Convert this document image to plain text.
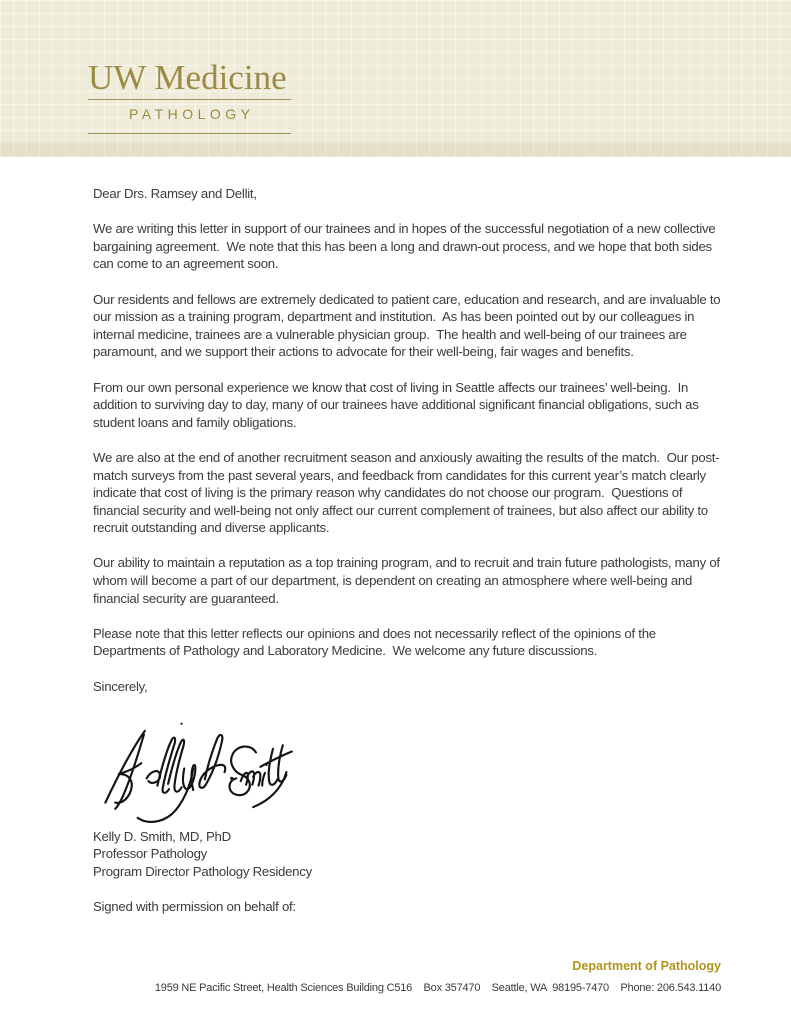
UW Medicine
PATHOLOGY

Dear Drs. Ramsey and Dellit,

We are writing this letter in support of our trainees and in hopes of the successful negotiation of a new collective bargaining agreement.  We note that this has been a long and drawn-out process, and we hope that both sides can come to an agreement soon.

Our residents and fellows are extremely dedicated to patient care, education and research, and are invaluable to our mission as a training program, department and institution.  As has been pointed out by our colleagues in internal medicine, trainees are a vulnerable physician group.  The health and well-being of our trainees are paramount, and we support their actions to advocate for their well-being, fair wages and benefits.

From our own personal experience we know that cost of living in Seattle affects our trainees’ well-being.  In addition to surviving day to day, many of our trainees have additional significant financial obligations, such as student loans and family obligations.

We are also at the end of another recruitment season and anxiously awaiting the results of the match.  Our post-match surveys from the past several years, and feedback from candidates for this current year’s match clearly indicate that cost of living is the primary reason why candidates do not choose our program.  Questions of financial security and well-being not only affect our current complement of trainees, but also affect our ability to recruit outstanding and diverse applicants.

Our ability to maintain a reputation as a top training program, and to recruit and train future pathologists, many of whom will become a part of our department, is dependent on creating an atmosphere where well-being and financial security are guaranteed.

Please note that this letter reflects our opinions and does not necessarily reflect of the opinions of the Departments of Pathology and Laboratory Medicine.  We welcome any future discussions.

Sincerely,

Kelly D. Smith, MD, PhD
Professor Pathology
Program Director Pathology Residency

Signed with permission on behalf of:

Department of Pathology
1959 NE Pacific Street, Health Sciences Building C516    Box 357470    Seattle, WA  98195-7470    Phone: 206.543.1140
